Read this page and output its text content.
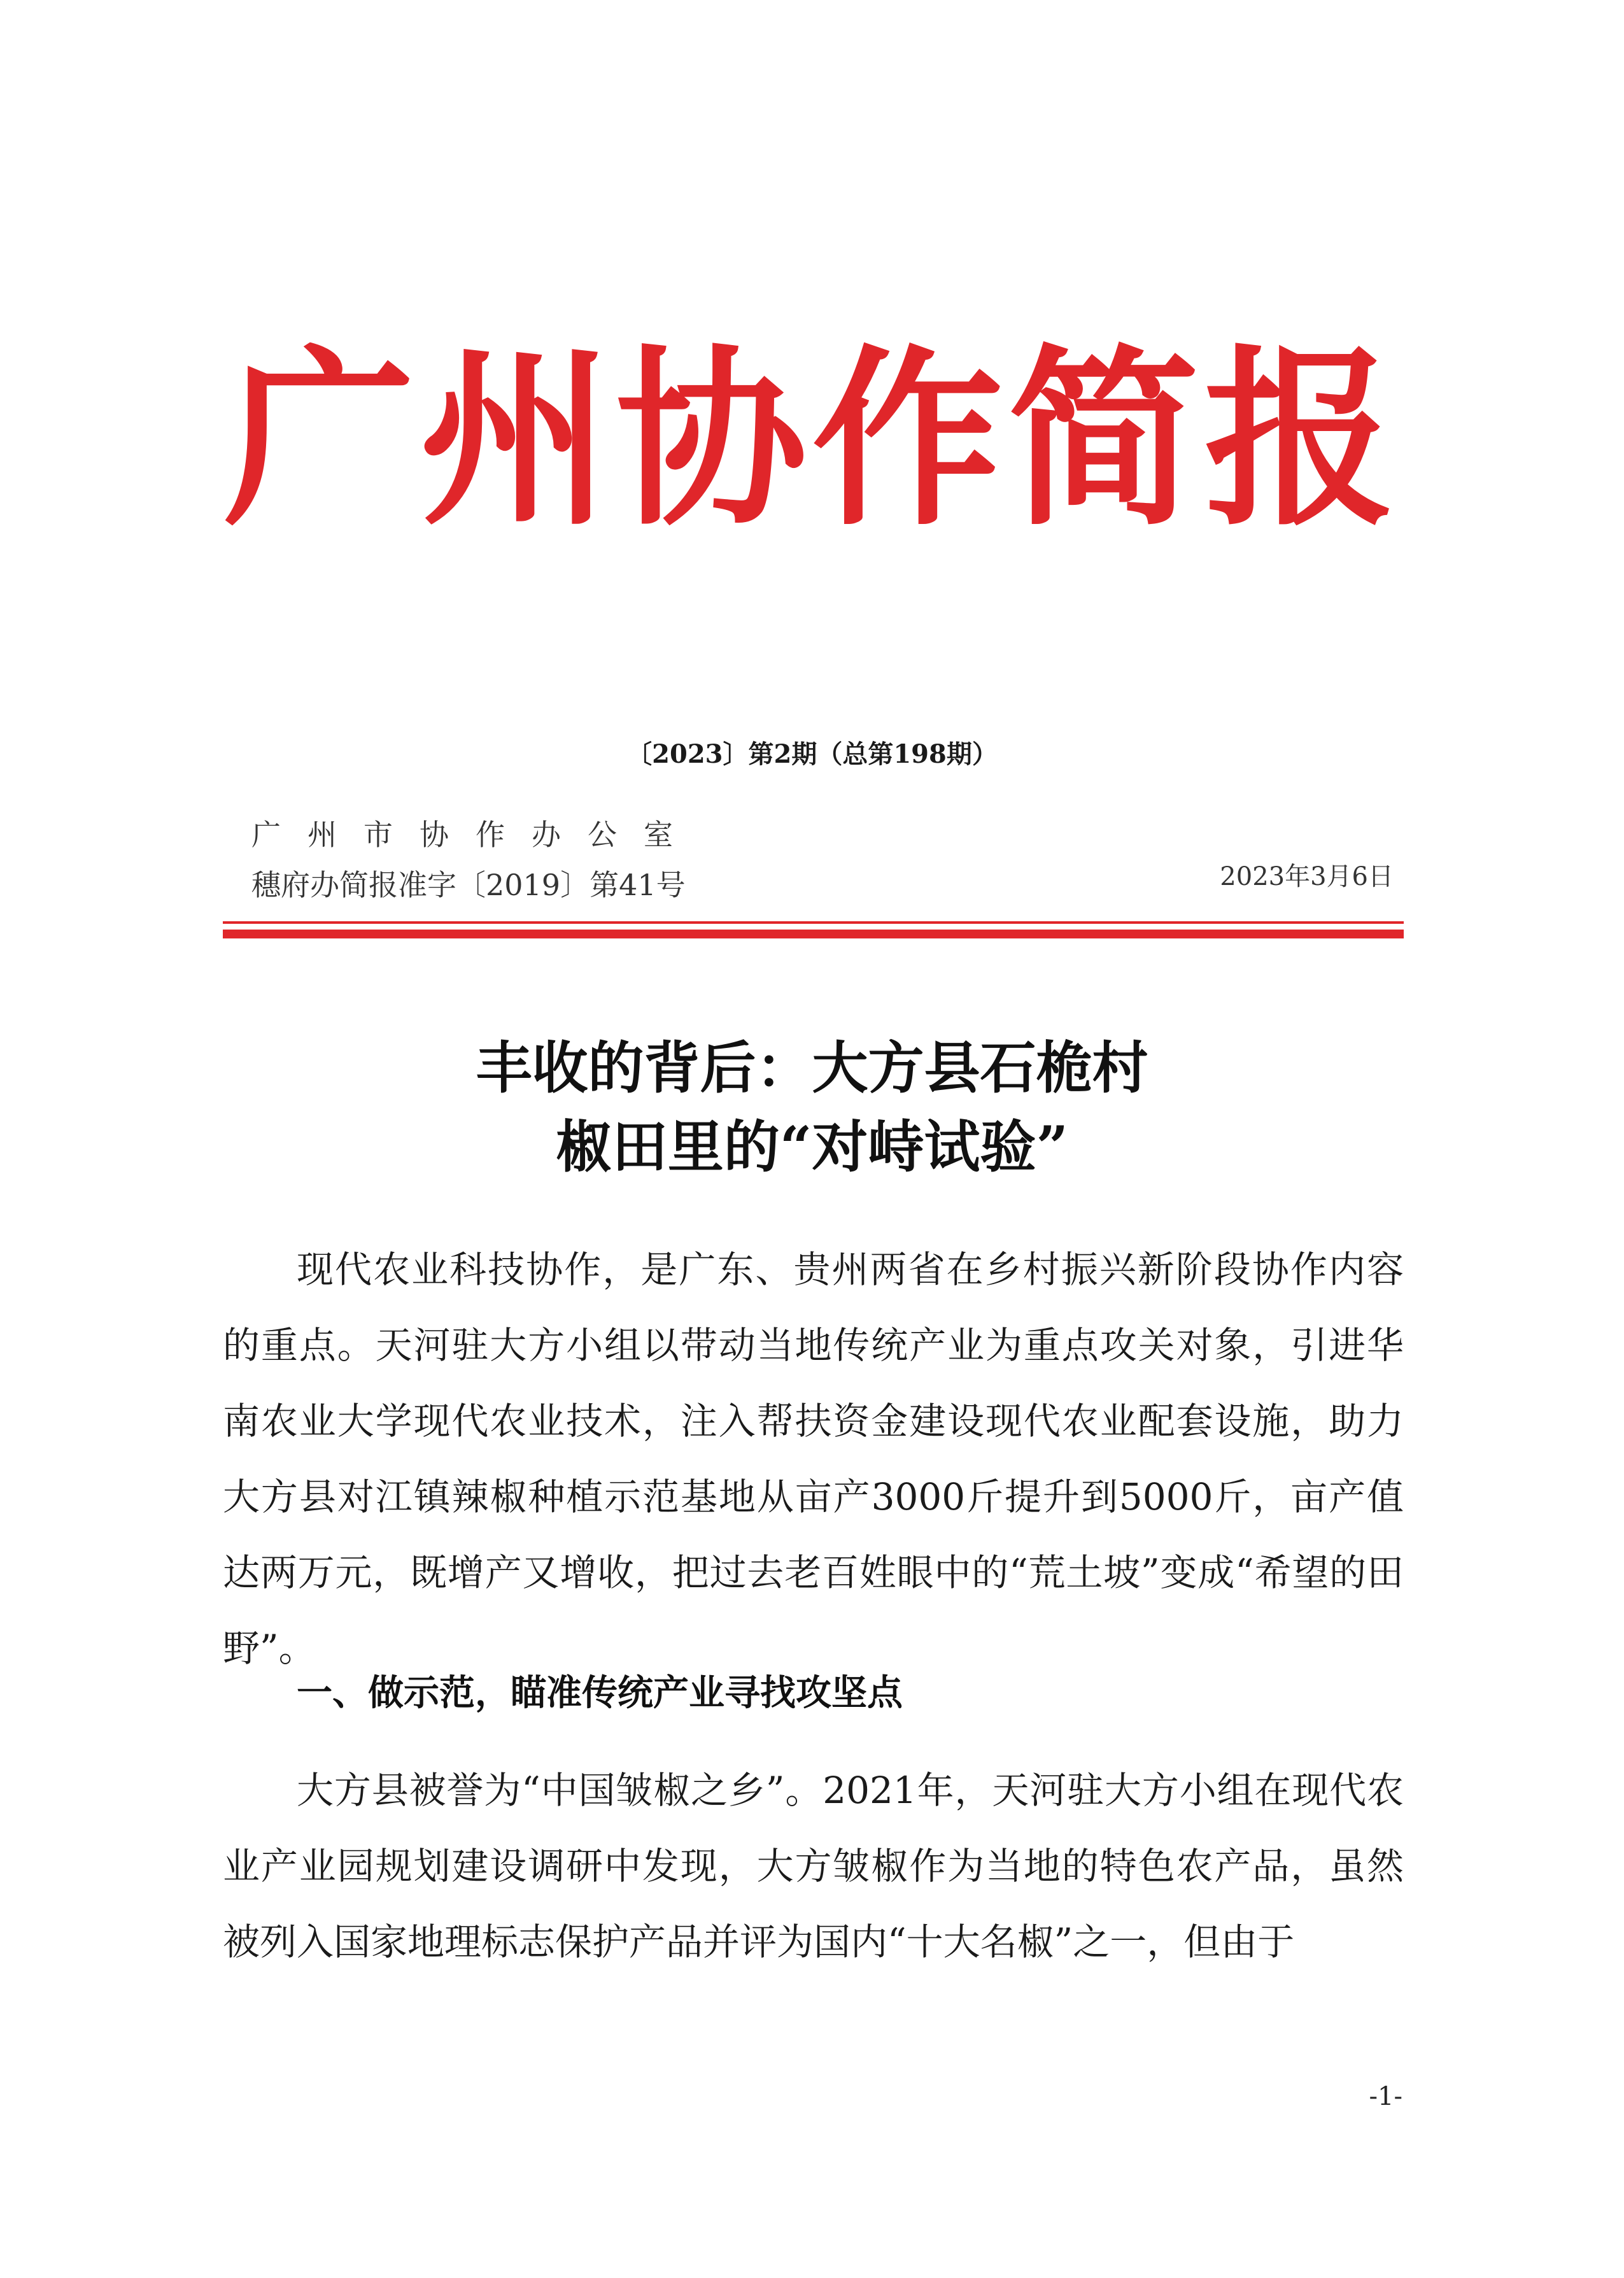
广州协作简报
〔2023〕第2期（总第198期）
广州市协作办公室
穗府办简报准字〔2019〕第41号	2023年3月6日
丰收的背后：大方县石桅村
椒田里的“对峙试验”

现代农业科技协作，是广东、贵州两省在乡村振兴新阶段协作内容的重点。天河驻大方小组以带动当地传统产业为重点攻关对象，引进华南农业大学现代农业技术，注入帮扶资金建设现代农业配套设施，助力大方县对江镇辣椒种植示范基地从亩产3000斤提升到5000斤，亩产值达两万元，既增产又增收，把过去老百姓眼中的“荒土坡”变成“希望的田野”。

一、做示范，瞄准传统产业寻找攻坚点

大方县被誉为“中国皱椒之乡”。2021年，天河驻大方小组在现代农业产业园规划建设调研中发现，大方皱椒作为当地的特色农产品，虽然被列入国家地理标志保护产品并评为国内“十大名椒”之一，但由于

-1-
